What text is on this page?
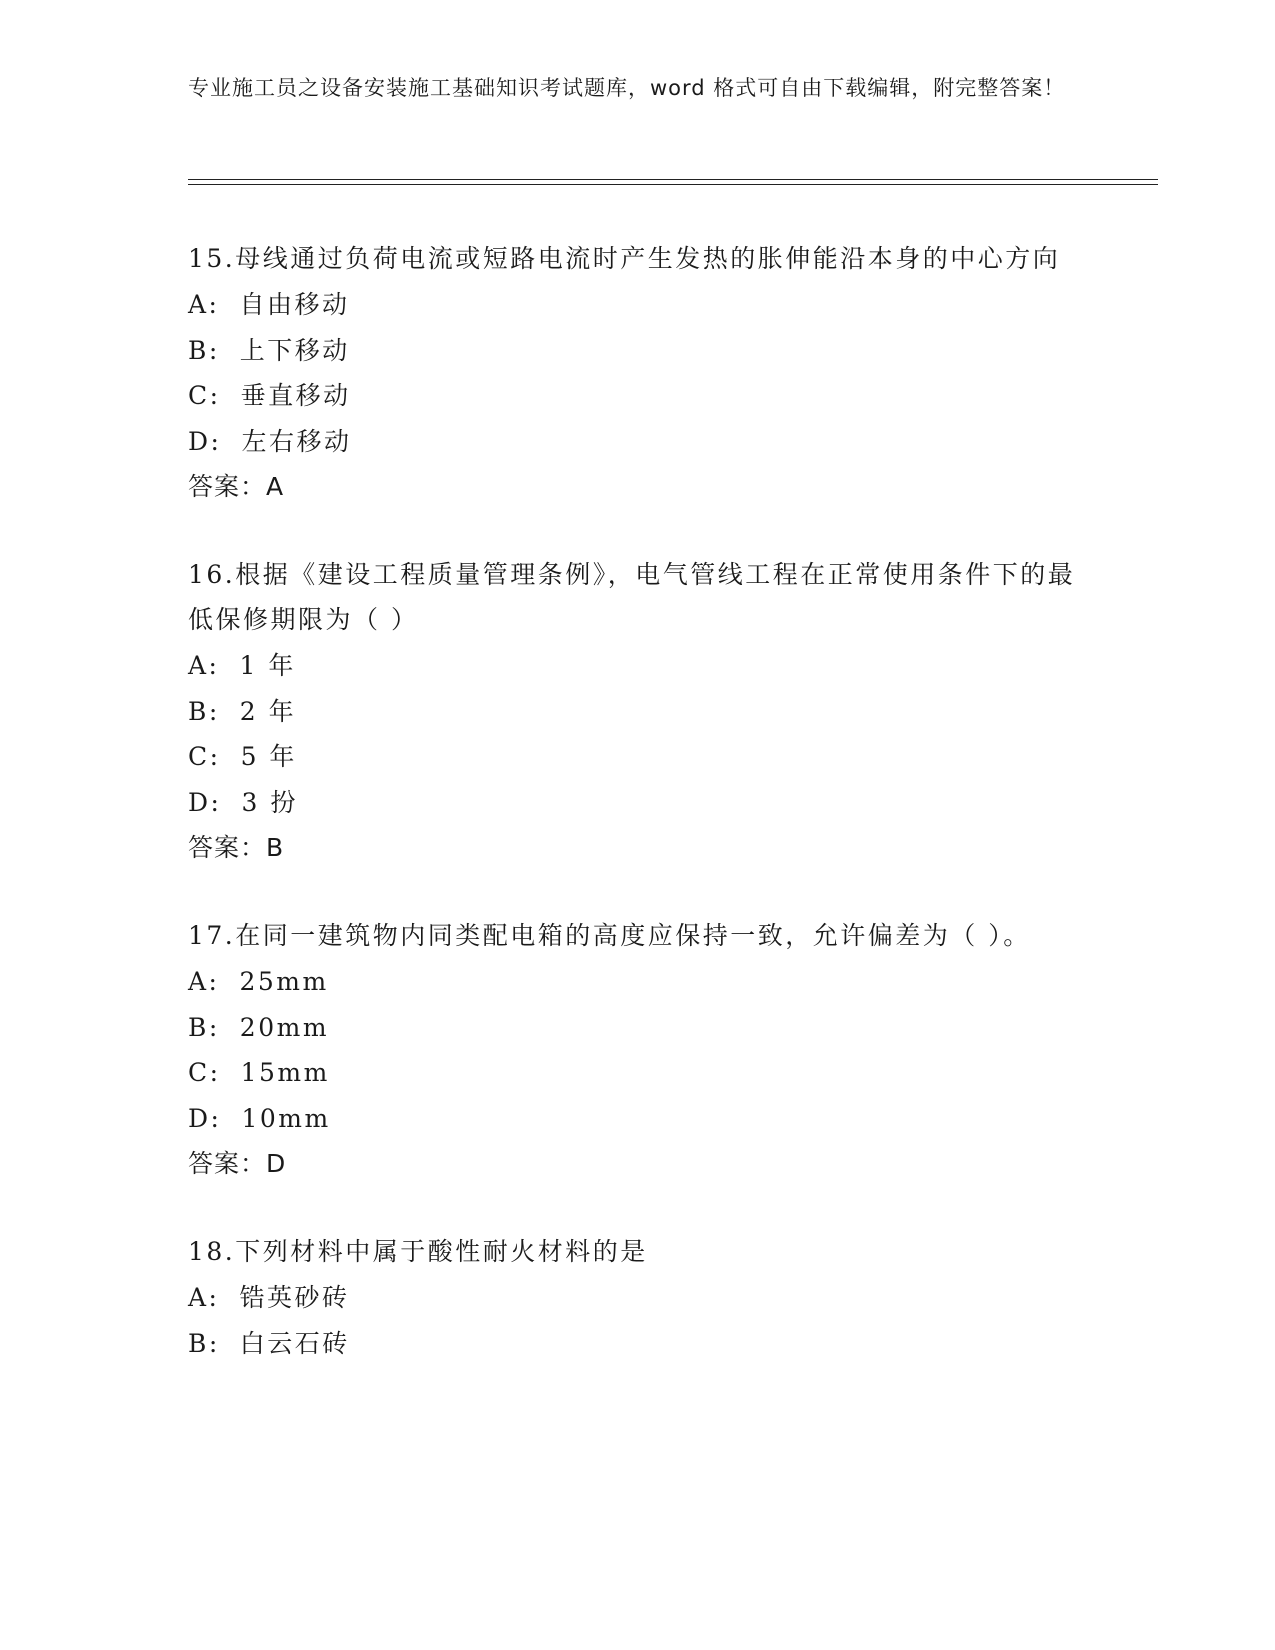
专业施工员之设备安装施工基础知识考试题库，word 格式可自由下载编辑，附完整答案！
15.母线通过负荷电流或短路电流时产生发热的胀伸能沿本身的中心方向
A: 自由移动
B: 上下移动
C: 垂直移动
D: 左右移动
答案：A
16.根据《建设工程质量管理条例》，电气管线工程在正常使用条件下的最低保修期限为（ ）
A: 1 年
B: 2 年
C: 5 年
D: 3 扮
答案：B
17.在同一建筑物内同类配电箱的高度应保持一致，允许偏差为（ ）。
A: 25mm
B: 20mm
C: 15mm
D: 10mm
答案：D
18.下列材料中属于酸性耐火材料的是
A: 锆英砂砖
B: 白云石砖
